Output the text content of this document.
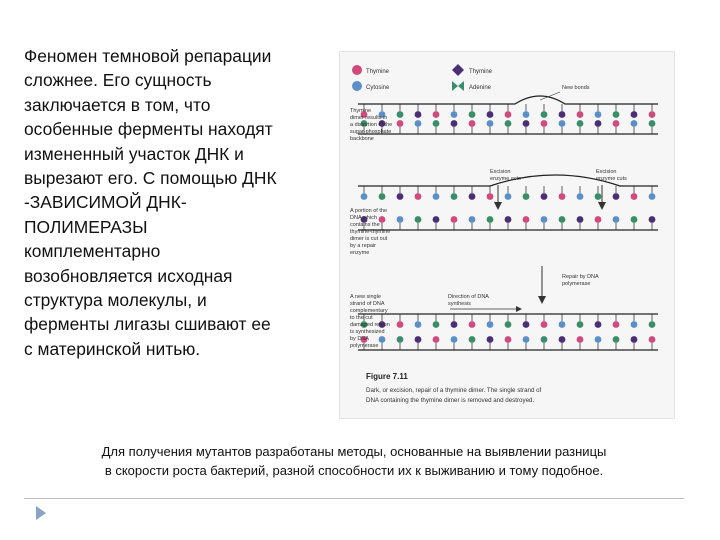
Феномен темновой репарации
сложнее. Его сущность
заключается в том, что
особенные ферменты находят
измененный участок ДНК и
вырезают его. С помощью ДНК
-ЗАВИСИМОЙ ДНК-
ПОЛИМЕРАЗЫ
комплементарно
возобновляется исходная
структура молекулы, и
ферменты лигазы сшивают ее
с материнской нитью.
Thymine	Thymine
Cytosine	Adenine	New bonds
Thymine
dimer results in
a distortion of the
sugar-phosphate
backbone
Excision
enzyme acts
Excision
enzyme cuts
A portion of the
DNA which
contains the
thymine-thymine
dimer is cut out
by a repair
enzyme
Repair by DNA
polymerase
A new single
strand of DNA
complementary
to the cut
damaged region
is synthesized
by DNA
polymerase
Direction of DNA
synthesis
Figure 7.11
Dark, or excision, repair of a thymine dimer. The single strand of
DNA containing the thymine dimer is removed and destroyed.

Для получения мутантов разработаны методы, основанные на выявлении разницы
в скорости роста бактерий, разной способности их к выживанию и тому подобное.
